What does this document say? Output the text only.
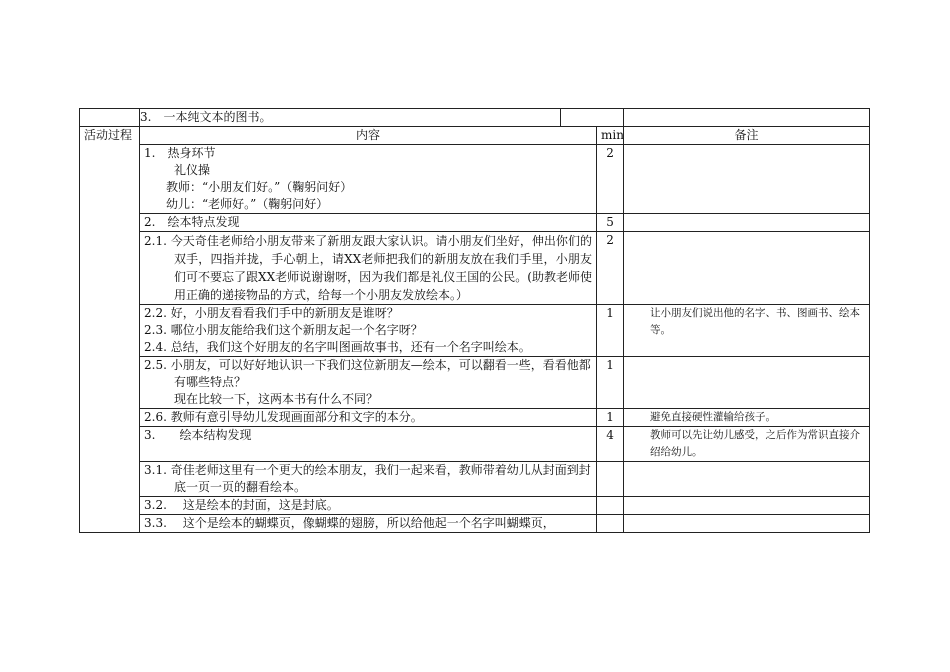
	3.　一本纯文本的图书。		

活动过程	内容	min	备注

	1.　热身环节
礼仪操
教师：“小朋友们好。”（鞠躬问好）
幼儿：“老师好。”（鞠躬问好）	2	
	2.　绘本特点发现	5	

	2.1. 今天奇佳老师给小朋友带来了新朋友跟大家认识。请小朋友们坐好，伸出你们的双手，四指并拢，手心朝上，请XX老师把我们的新朋友放在我们手里，小朋友们可不要忘了跟XX老师说谢谢呀，因为我们都是礼仪王国的公民。(助教老师使用正确的递接物品的方式，给每一个小朋友发放绘本。）	2	

	2.2. 好，小朋友看看我们手中的新朋友是谁呀？
2.3. 哪位小朋友能给我们这个新朋友起一个名字呀？
2.4. 总结，我们这个好朋友的名字叫图画故事书，还有一个名字叫绘本。	1	让小朋友们说出他的名字、书、图画书、绘本等。

	2.5. 小朋友，可以好好地认识一下我们这位新朋友—绘本，可以翻看一些，看看他都有哪些特点？
现在比较一下，这两本书有什么不同？	1	
	2.6. 教师有意引导幼儿发现画面部分和文字的本分。	1	避免直接硬性灌输给孩子。
	3.　　绘本结构发现	4	教师可以先让幼儿感受，之后作为常识直接介绍给幼儿。

	3.1. 奇佳老师这里有一个更大的绘本朋友，我们一起来看，教师带着幼儿从封面到封底一页一页的翻看绘本。		

	3.2.　 这是绘本的封面，这是封底。		
	3.3.　 这个是绘本的蝴蝶页，像蝴蝶的翅膀，所以给他起一个名字叫蝴蝶页，		
